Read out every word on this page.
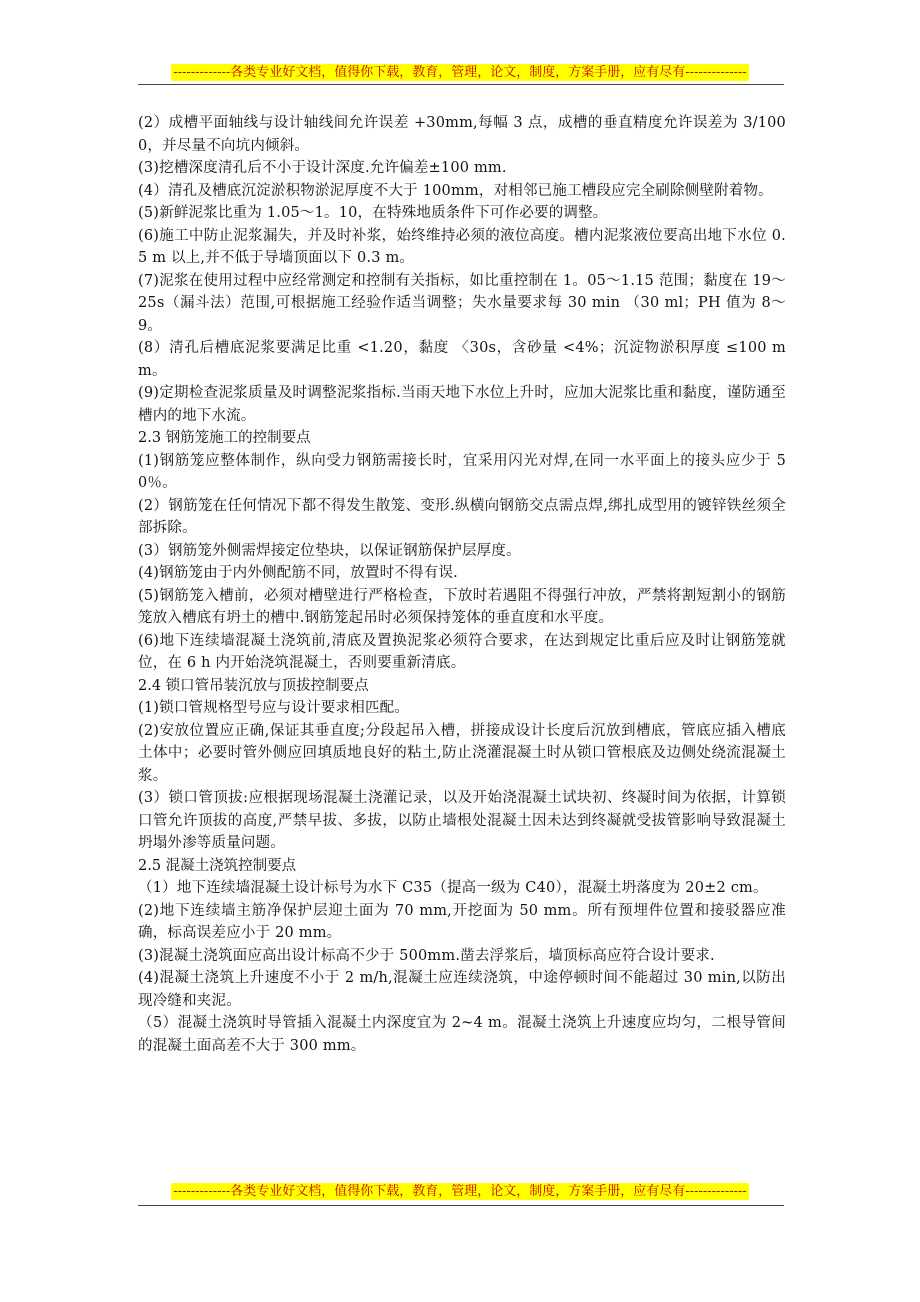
-------------各类专业好文档，值得你下载，教育，管理，论文，制度，方案手册，应有尽有--------------

(2）成槽平面轴线与设计轴线间允许误差 +30mm,每幅 3 点，成槽的垂直精度允许误差为 3/1000，并尽量不向坑内倾斜。

(3)挖槽深度清孔后不小于设计深度.允许偏差±100 mm.

(4）清孔及槽底沉淀淤积物淤泥厚度不大于 100mm，对相邻已施工槽段应完全刷除侧壁附着物。

(5)新鲜泥浆比重为 1.05～1。10，在特殊地质条件下可作必要的调整。

(6)施工中防止泥浆漏失，并及时补浆，始终维持必须的液位高度。槽内泥浆液位要高出地下水位 0.5 m 以上,并不低于导墙顶面以下 0.3 m。

(7)泥浆在使用过程中应经常测定和控制有关指标，如比重控制在 1。05～1.15 范围；黏度在 19～25s（漏斗法）范围,可根据施工经验作适当调整；失水量要求每 30 min （30 ml；PH 值为 8～9。

(8）清孔后槽底泥浆要满足比重 <1.20，黏度 〈30s，含砂量 <4%；沉淀物淤积厚度 ≤100 mm。

(9)定期检查泥浆质量及时调整泥浆指标.当雨天地下水位上升时，应加大泥浆比重和黏度，谨防通至槽内的地下水流。

2.3 钢筋笼施工的控制要点

(1)钢筋笼应整体制作，纵向受力钢筋需接长时，宜采用闪光对焊,在同一水平面上的接头应少于 50％。

(2）钢筋笼在任何情况下都不得发生散笼、变形.纵横向钢筋交点需点焊,绑扎成型用的镀锌铁丝须全部拆除。

(3）钢筋笼外侧需焊接定位垫块，以保证钢筋保护层厚度。

(4)钢筋笼由于内外侧配筋不同，放置时不得有误.

(5)钢筋笼入槽前，必须对槽壁进行严格检查，下放时若遇阻不得强行冲放，严禁将割短割小的钢筋笼放入槽底有坍土的槽中.钢筋笼起吊时必须保持笼体的垂直度和水平度。

(6)地下连续墙混凝土浇筑前,清底及置换泥浆必须符合要求，在达到规定比重后应及时让钢筋笼就位，在 6 h 内开始浇筑混凝土，否则要重新清底。

2.4 锁口管吊装沉放与顶拔控制要点

(1)锁口管规格型号应与设计要求相匹配。

(2)安放位置应正确,保证其垂直度;分段起吊入槽，拼接成设计长度后沉放到槽底，管底应插入槽底土体中；必要时管外侧应回填质地良好的粘土,防止浇灌混凝土时从锁口管根底及边侧处绕流混凝土浆。

(3）锁口管顶拔:应根据现场混凝土浇灌记录，以及开始浇混凝土试块初、终凝时间为依据，计算锁口管允许顶拔的高度,严禁早拔、多拔，以防止墙根处混凝土因未达到终凝就受拔管影响导致混凝土坍塌外渗等质量问题。

2.5 混凝土浇筑控制要点

（1）地下连续墙混凝土设计标号为水下 C35（提高一级为 C40），混凝土坍落度为 20±2 cm。

(2)地下连续墙主筋净保护层迎土面为 70 mm,开挖面为 50 mm。所有预埋件位置和接驳器应准确，标高误差应小于 20 mm。

(3)混凝土浇筑面应高出设计标高不少于 500mm.凿去浮浆后，墙顶标高应符合设计要求.

(4)混凝土浇筑上升速度不小于 2 m/h,混凝土应连续浇筑，中途停顿时间不能超过 30 min,以防出现冷缝和夹泥。

（5）混凝土浇筑时导管插入混凝土内深度宜为 2~4 m。混凝土浇筑上升速度应均匀，二根导管间的混凝土面高差不大于 300 mm。

-------------各类专业好文档，值得你下载，教育，管理，论文，制度，方案手册，应有尽有--------------
